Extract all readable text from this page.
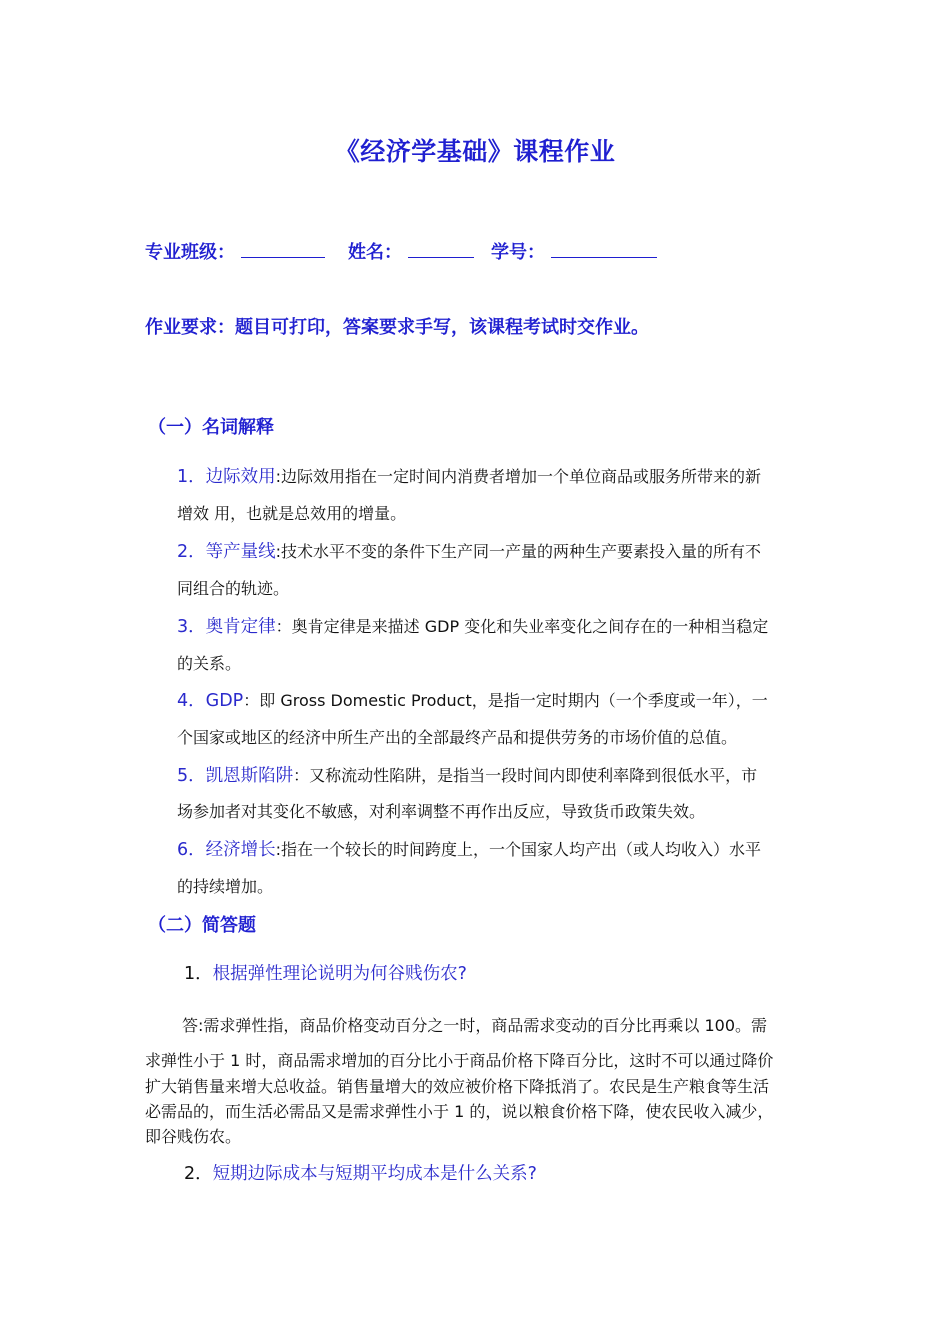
《经济学基础》课程作业
专业班级：	姓名：	学号：
作业要求：题目可打印，答案要求手写，该课程考试时交作业。
（一）名词解释
1．边际效用:边际效用指在一定时间内消费者增加一个单位商品或服务所带来的新
增效 用，也就是总效用的增量。
2．等产量线:技术水平不变的条件下生产同一产量的两种生产要素投入量的所有不
同组合的轨迹。
3．奥肯定律：奥肯定律是来描述 GDP 变化和失业率变化之间存在的一种相当稳定
的关系。
4．GDP：即 Gross Domestic Product，是指一定时期内（一个季度或一年），一
个国家或地区的经济中所生产出的全部最终产品和提供劳务的市场价值的总值。
5．凯恩斯陷阱：又称流动性陷阱，是指当一段时间内即使利率降到很低水平，市
场参加者对其变化不敏感，对利率调整不再作出反应，导致货币政策失效。
6．经济增长:指在一个较长的时间跨度上，一个国家人均产出（或人均收入）水平
的持续增加。
（二）简答题
1．根据弹性理论说明为何谷贱伤农?
答:需求弹性指，商品价格变动百分之一时，商品需求变动的百分比再乘以 100。需
求弹性小于 1 时，商品需求增加的百分比小于商品价格下降百分比，这时不可以通过降价
扩大销售量来增大总收益。销售量增大的效应被价格下降抵消了。农民是生产粮食等生活
必需品的，而生活必需品又是需求弹性小于 1 的，说以粮食价格下降，使农民收入减少，
即谷贱伤农。
2．短期边际成本与短期平均成本是什么关系?
